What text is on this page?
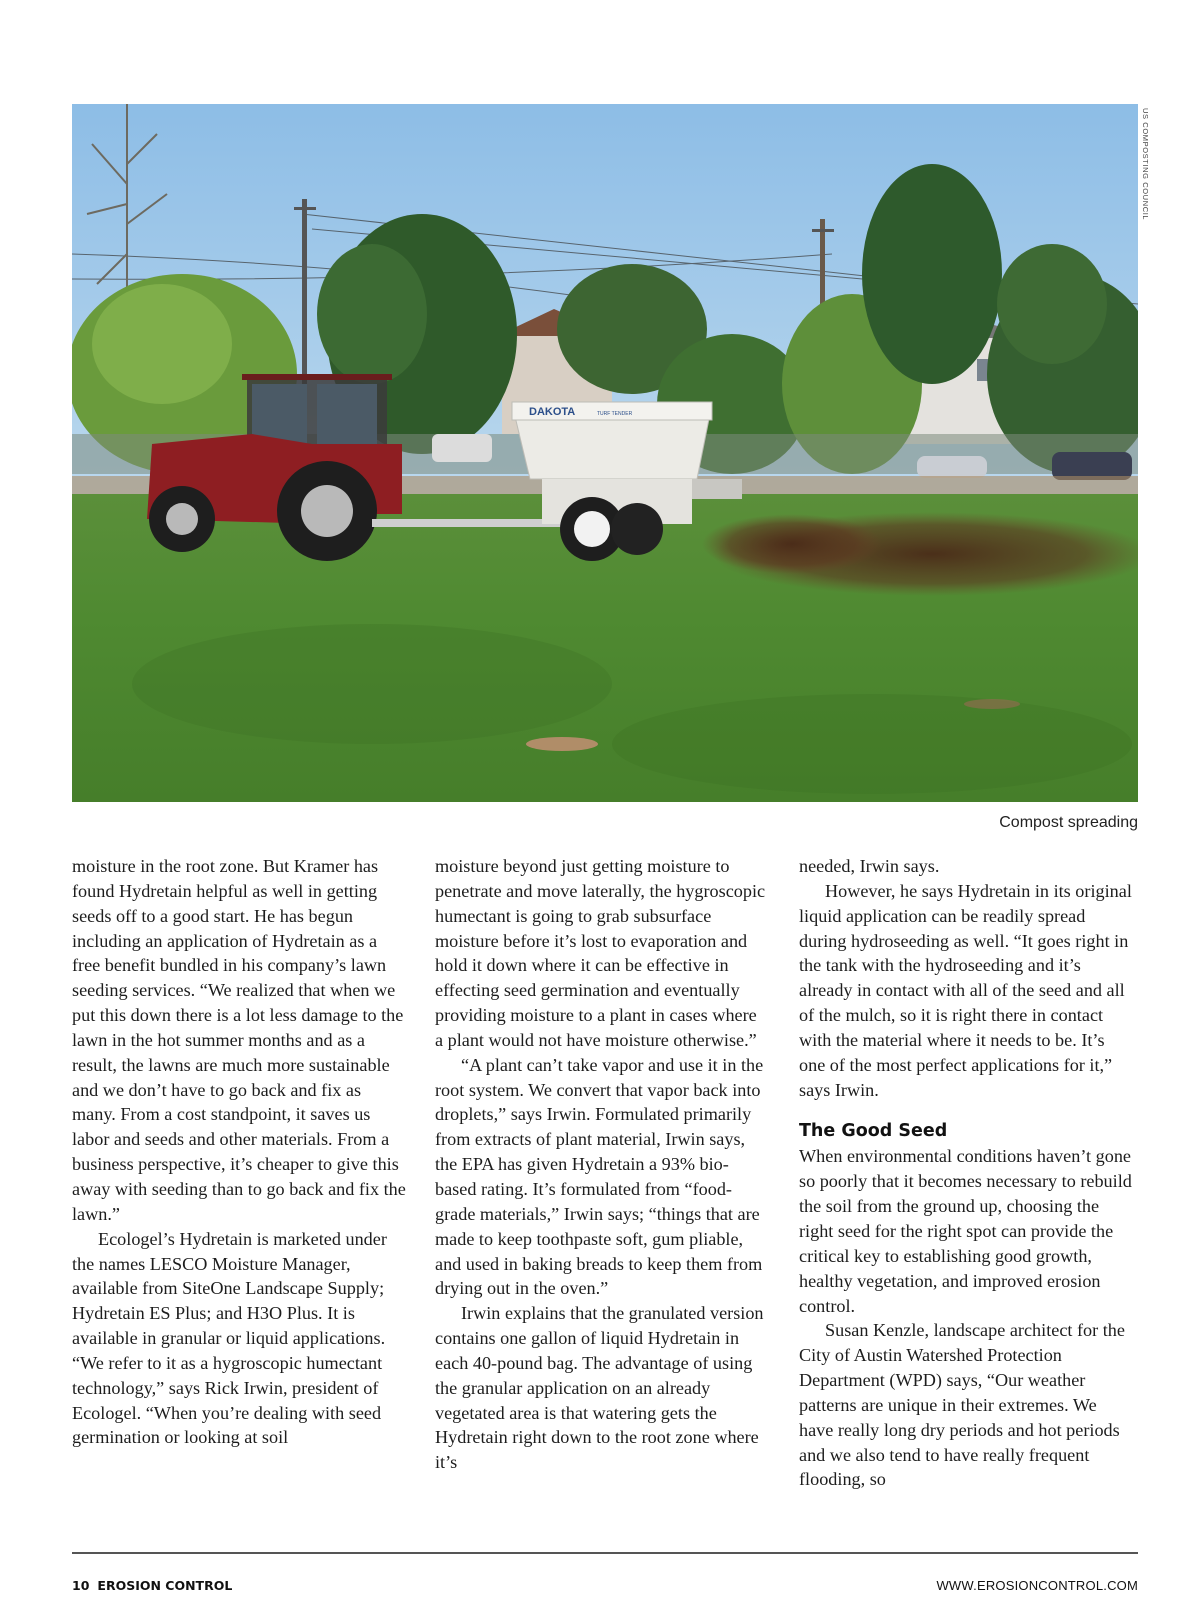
DAKOTA	TURF TENDER
US COMPOSTING COUNCIL
Compost spreading

moisture in the root zone. But Kramer has found Hydretain helpful as well in getting seeds off to a good start. He has begun including an application of Hydretain as a free benefit bundled in his company’s lawn seeding services. “We realized that when we put this down there is a lot less damage to the lawn in the hot summer months and as a result, the lawns are much more sustainable and we don’t have to go back and fix as many. From a cost standpoint, it saves us labor and seeds and other materials. From a business perspective, it’s cheaper to give this away with seeding than to go back and fix the lawn.”

Ecologel’s Hydretain is marketed under the names LESCO Moisture Manager, available from SiteOne Landscape Supply; Hydretain ES Plus; and H3O Plus. It is available in granular or liquid applications. “We refer to it as a hygroscopic humectant technology,” says Rick Irwin, president of Ecologel. “When you’re dealing with seed germination or looking at soil

moisture beyond just getting moisture to penetrate and move laterally, the hygroscopic humectant is going to grab subsurface moisture before it’s lost to evaporation and hold it down where it can be effective in effecting seed germination and eventually providing moisture to a plant in cases where a plant would not have moisture otherwise.”

“A plant can’t take vapor and use it in the root system. We convert that vapor back into droplets,” says Irwin. Formulated primarily from extracts of plant material, Irwin says, the EPA has given Hydretain a 93% bio-based rating. It’s formulated from “food-grade materials,” Irwin says; “things that are made to keep toothpaste soft, gum pliable, and used in baking breads to keep them from drying out in the oven.”

Irwin explains that the granulated version contains one gallon of liquid Hydretain in each 40-pound bag. The advantage of using the granular application on an already vegetated area is that watering gets the Hydretain right down to the root zone where it’s

needed, Irwin says.

However, he says Hydretain in its original liquid application can be readily spread during hydroseeding as well. “It goes right in the tank with the hydroseeding and it’s already in contact with all of the seed and all of the mulch, so it is right there in contact with the material where it needs to be. It’s one of the most perfect applications for it,” says Irwin.

The Good Seed

When environmental conditions haven’t gone so poorly that it becomes necessary to rebuild the soil from the ground up, choosing the right seed for the right spot can provide the critical key to establishing good growth, healthy vegetation, and improved erosion control.

Susan Kenzle, landscape architect for the City of Austin Watershed Protection Department (WPD) says, “Our weather patterns are unique in their extremes. We have really long dry periods and hot periods and we also tend to have really frequent flooding, so

10 EROSION CONTROL	WWW.EROSIONCONTROL.COM
